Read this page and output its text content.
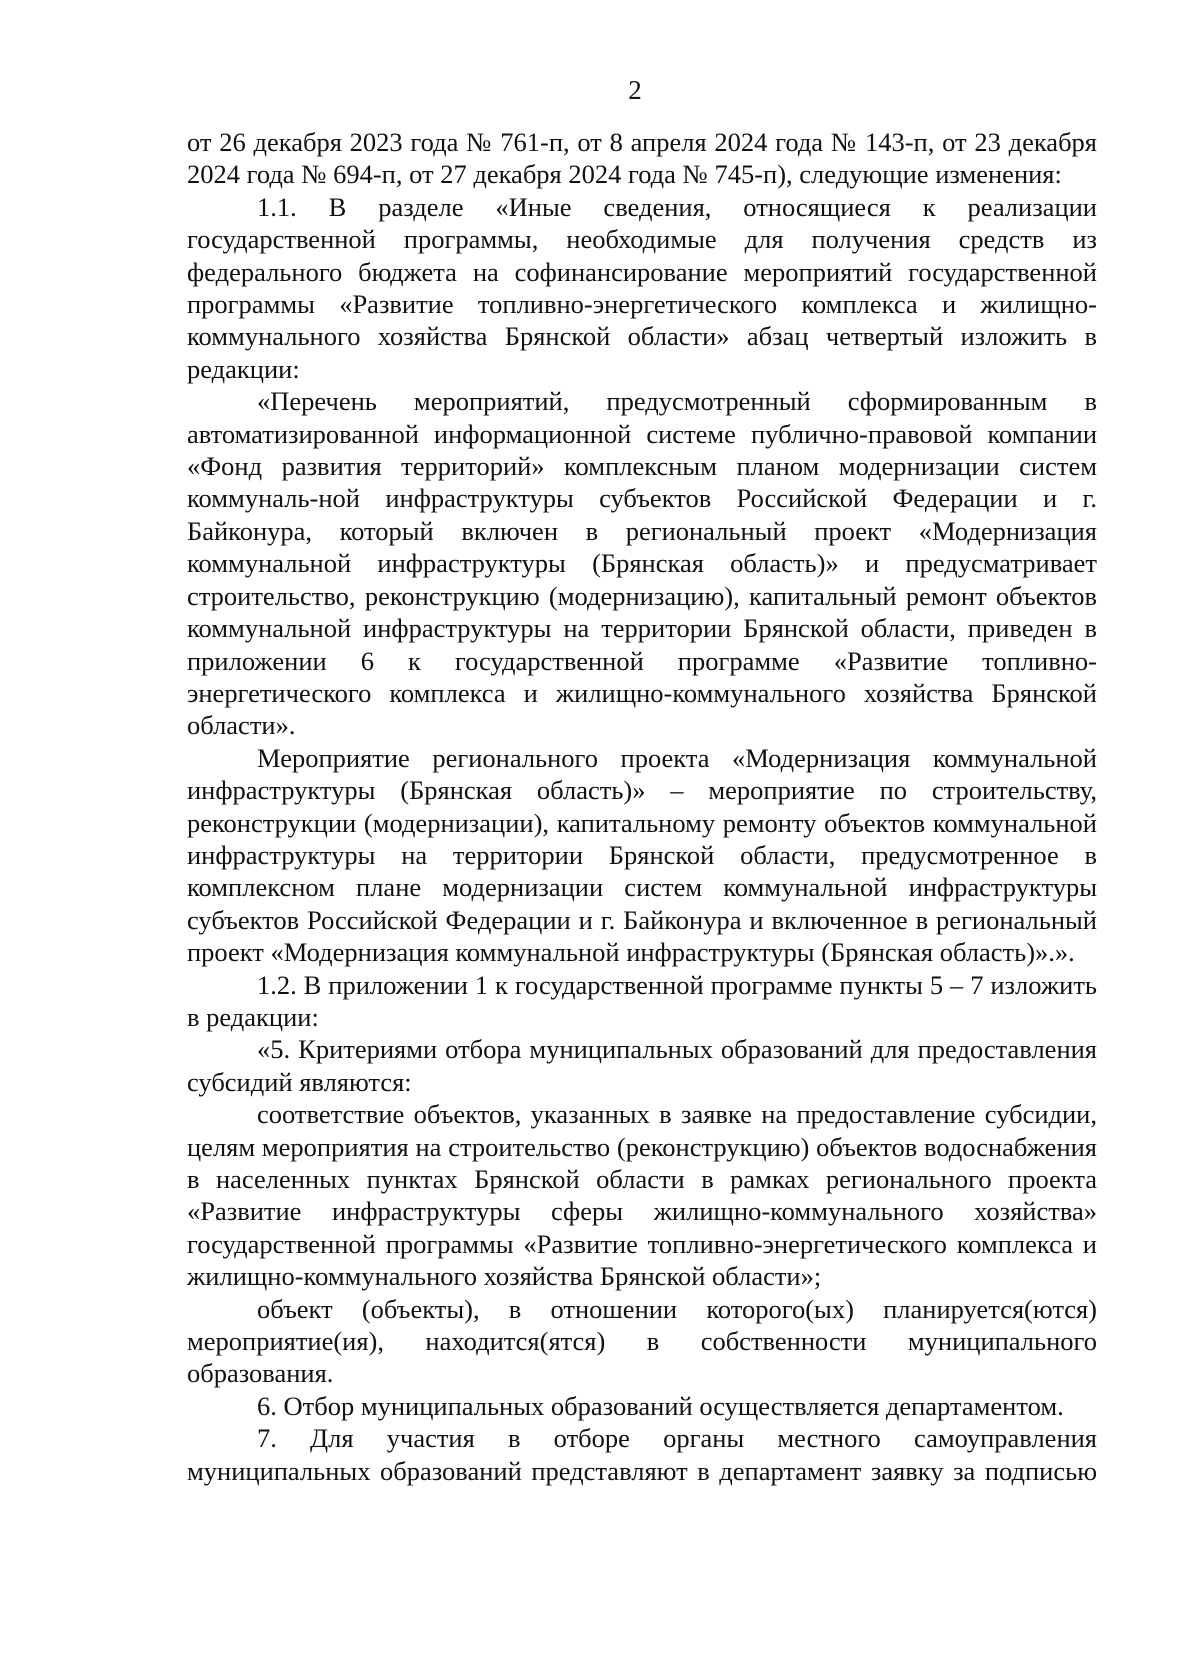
2

от 26 декабря 2023 года № 761-п, от 8 апреля 2024 года № 143-п, от 23 декабря 2024 года № 694-п, от 27 декабря 2024 года № 745-п), следующие изменения:

1.1. В разделе «Иные сведения, относящиеся к реализации государственной программы, необходимые для получения средств из федерального бюджета на софинансирование мероприятий государственной программы «Развитие топливно-энергетического комплекса и жилищно-коммунального хозяйства Брянской области» абзац четвертый изложить в редакции:

«Перечень мероприятий, предусмотренный сформированным в автоматизированной информационной системе публично-правовой компании «Фонд развития территорий» комплексным планом модернизации систем коммуналь-ной инфраструктуры субъектов Российской Федерации и г. Байконура, который включен в региональный проект «Модернизация коммунальной инфраструктуры (Брянская область)» и предусматривает строительство, реконструкцию (модернизацию), капитальный ремонт объектов коммунальной инфраструктуры на территории Брянской области, приведен в приложении 6 к государственной программе «Развитие топливно-энергетического комплекса и жилищно-коммунального хозяйства Брянской области».

Мероприятие регионального проекта «Модернизация коммунальной инфраструктуры (Брянская область)» – мероприятие по строительству, реконструкции (модернизации), капитальному ремонту объектов коммунальной инфраструктуры на территории Брянской области, предусмотренное в комплексном плане модернизации систем коммунальной инфраструктуры субъектов Российской Федерации и г. Байконура и включенное в региональный проект «Модернизация коммунальной инфраструктуры (Брянская область)».».

1.2. В приложении 1 к государственной программе пункты 5 – 7 изложить в редакции:

«5. Критериями отбора муниципальных образований для предоставления субсидий являются:

соответствие объектов, указанных в заявке на предоставление субсидии, целям мероприятия на строительство (реконструкцию) объектов водоснабжения в населенных пунктах Брянской области в рамках регионального проекта «Развитие инфраструктуры сферы жилищно-коммунального хозяйства» государственной программы «Развитие топливно-энергетического комплекса и жилищно-коммунального хозяйства Брянской области»;

объект (объекты), в отношении которого(ых) планируется(ются) мероприятие(ия), находится(ятся) в собственности муниципального образования.

6. Отбор муниципальных образований осуществляется департаментом.

7. Для участия в отборе органы местного самоуправления муниципальных образований представляют в департамент заявку за подписью
